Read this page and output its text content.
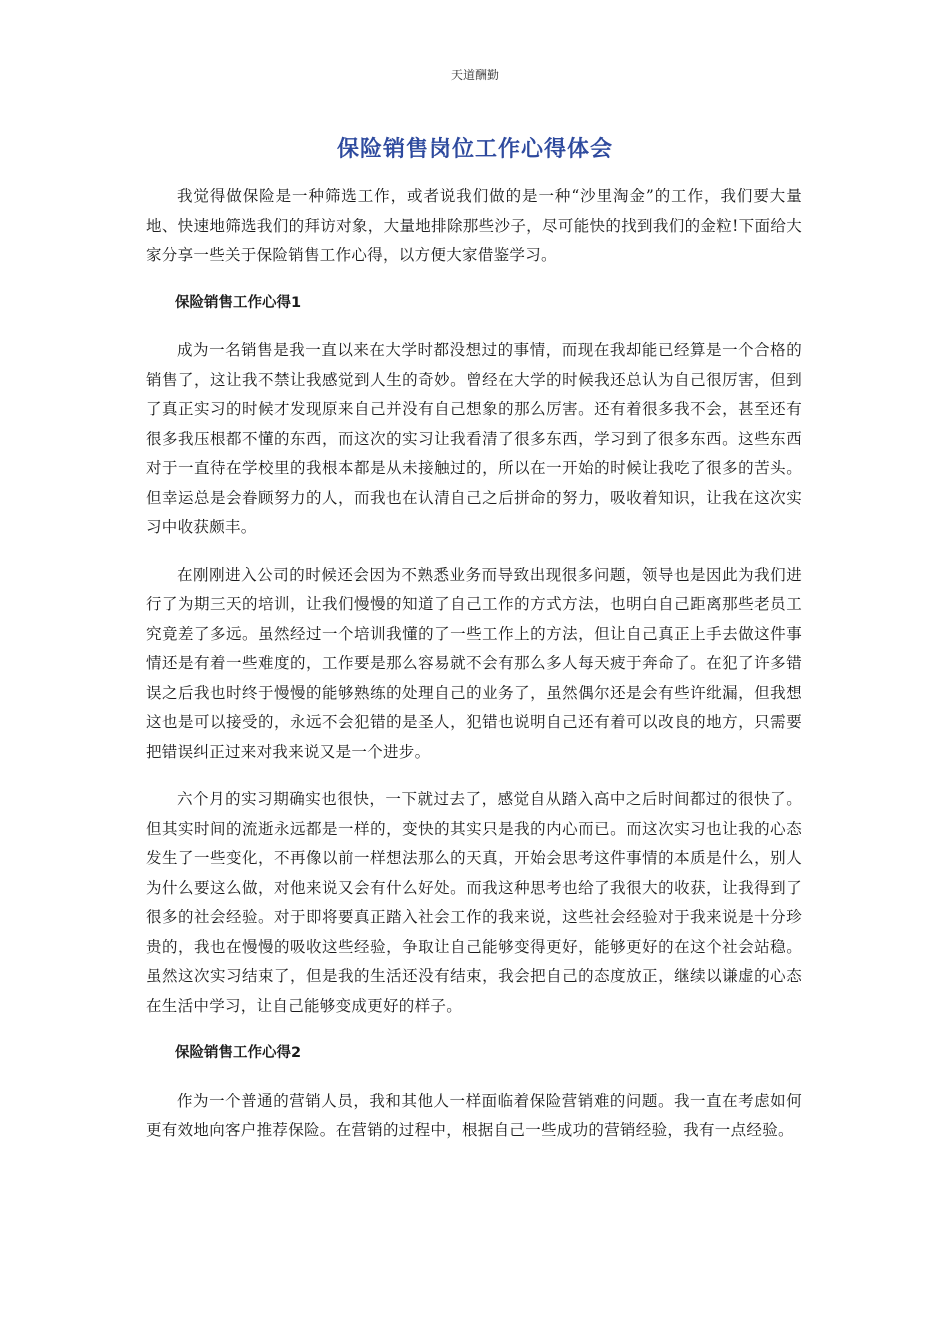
天道酬勤
保险销售岗位工作心得体会

我觉得做保险是一种筛选工作，或者说我们做的是一种“沙里淘金”的工作，我们要大量地、快速地筛选我们的拜访对象，大量地排除那些沙子，尽可能快的找到我们的金粒!下面给大家分享一些关于保险销售工作心得，以方便大家借鉴学习。

保险销售工作心得1

成为一名销售是我一直以来在大学时都没想过的事情，而现在我却能已经算是一个合格的销售了，这让我不禁让我感觉到人生的奇妙。曾经在大学的时候我还总认为自己很厉害，但到了真正实习的时候才发现原来自己并没有自己想象的那么厉害。还有着很多我不会，甚至还有很多我压根都不懂的东西，而这次的实习让我看清了很多东西，学习到了很多东西。这些东西对于一直待在学校里的我根本都是从未接触过的，所以在一开始的时候让我吃了很多的苦头。但幸运总是会眷顾努力的人，而我也在认清自己之后拼命的努力，吸收着知识，让我在这次实习中收获颇丰。

在刚刚进入公司的时候还会因为不熟悉业务而导致出现很多问题，领导也是因此为我们进行了为期三天的培训，让我们慢慢的知道了自己工作的方式方法，也明白自己距离那些老员工究竟差了多远。虽然经过一个培训我懂的了一些工作上的方法，但让自己真正上手去做这件事情还是有着一些难度的，工作要是那么容易就不会有那么多人每天疲于奔命了。在犯了许多错误之后我也时终于慢慢的能够熟练的处理自己的业务了，虽然偶尔还是会有些许纰漏，但我想这也是可以接受的，永远不会犯错的是圣人，犯错也说明自己还有着可以改良的地方，只需要把错误纠正过来对我来说又是一个进步。

六个月的实习期确实也很快，一下就过去了，感觉自从踏入高中之后时间都过的很快了。但其实时间的流逝永远都是一样的，变快的其实只是我的内心而已。而这次实习也让我的心态发生了一些变化，不再像以前一样想法那么的天真，开始会思考这件事情的本质是什么，别人为什么要这么做，对他来说又会有什么好处。而我这种思考也给了我很大的收获，让我得到了很多的社会经验。对于即将要真正踏入社会工作的我来说，这些社会经验对于我来说是十分珍贵的，我也在慢慢的吸收这些经验，争取让自己能够变得更好，能够更好的在这个社会站稳。虽然这次实习结束了，但是我的生活还没有结束，我会把自己的态度放正，继续以谦虚的心态在生活中学习，让自己能够变成更好的样子。

保险销售工作心得2

作为一个普通的营销人员，我和其他人一样面临着保险营销难的问题。我一直在考虑如何更有效地向客户推荐保险。在营销的过程中，根据自己一些成功的营销经验，我有一点经验。
